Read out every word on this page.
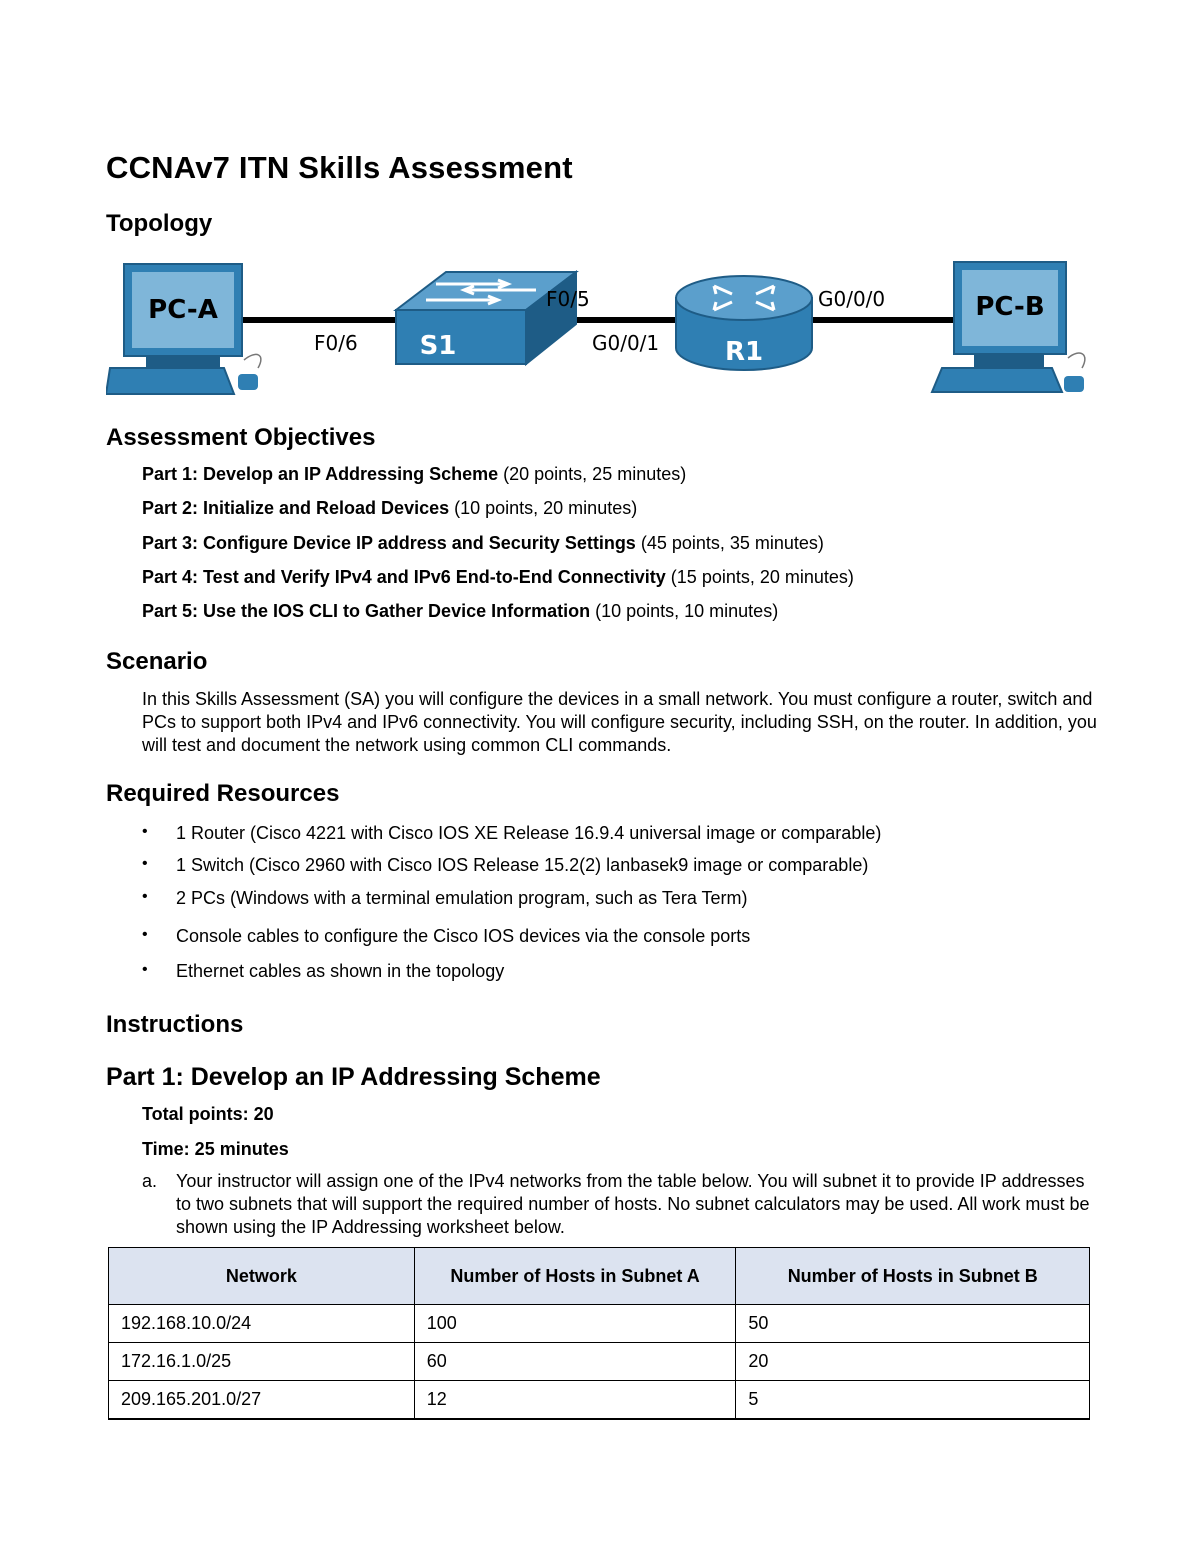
CCNAv7 ITN Skills Assessment
Topology
PC-A
S1	R1
PC-B
F0/6
F0/5
G0/0/1
G0/0/0
Assessment Objectives
Part 1: Develop an IP Addressing Scheme (20 points, 25 minutes)
Part 2: Initialize and Reload Devices (10 points, 20 minutes)
Part 3: Configure Device IP address and Security Settings (45 points, 35 minutes)
Part 4: Test and Verify IPv4 and IPv6 End-to-End Connectivity (15 points, 20 minutes)
Part 5: Use the IOS CLI to Gather Device Information (10 points, 10 minutes)
Scenario
In this Skills Assessment (SA) you will configure the devices in a small network. You must configure a router, switch and PCs to support both IPv4 and IPv6 connectivity. You will configure security, including SSH, on the router. In addition, you will test and document the network using common CLI commands.
Required Resources
• 1 Router (Cisco 4221 with Cisco IOS XE Release 16.9.4 universal image or comparable)
• 1 Switch (Cisco 2960 with Cisco IOS Release 15.2(2) lanbasek9 image or comparable)
• 2 PCs (Windows with a terminal emulation program, such as Tera Term)
• Console cables to configure the Cisco IOS devices via the console ports
• Ethernet cables as shown in the topology
Instructions
Part 1: Develop an IP Addressing Scheme
Total points: 20
Time: 25 minutes
a. Your instructor will assign one of the IPv4 networks from the table below. You will subnet it to provide IP addresses to two subnets that will support the required number of hosts. No subnet calculators may be used. All work must be shown using the IP Addressing worksheet below.
Network	Number of Hosts in Subnet A	Number of Hosts in Subnet B
192.168.10.0/24	100	50
172.16.1.0/25	60	20
209.165.201.0/27	12	5
